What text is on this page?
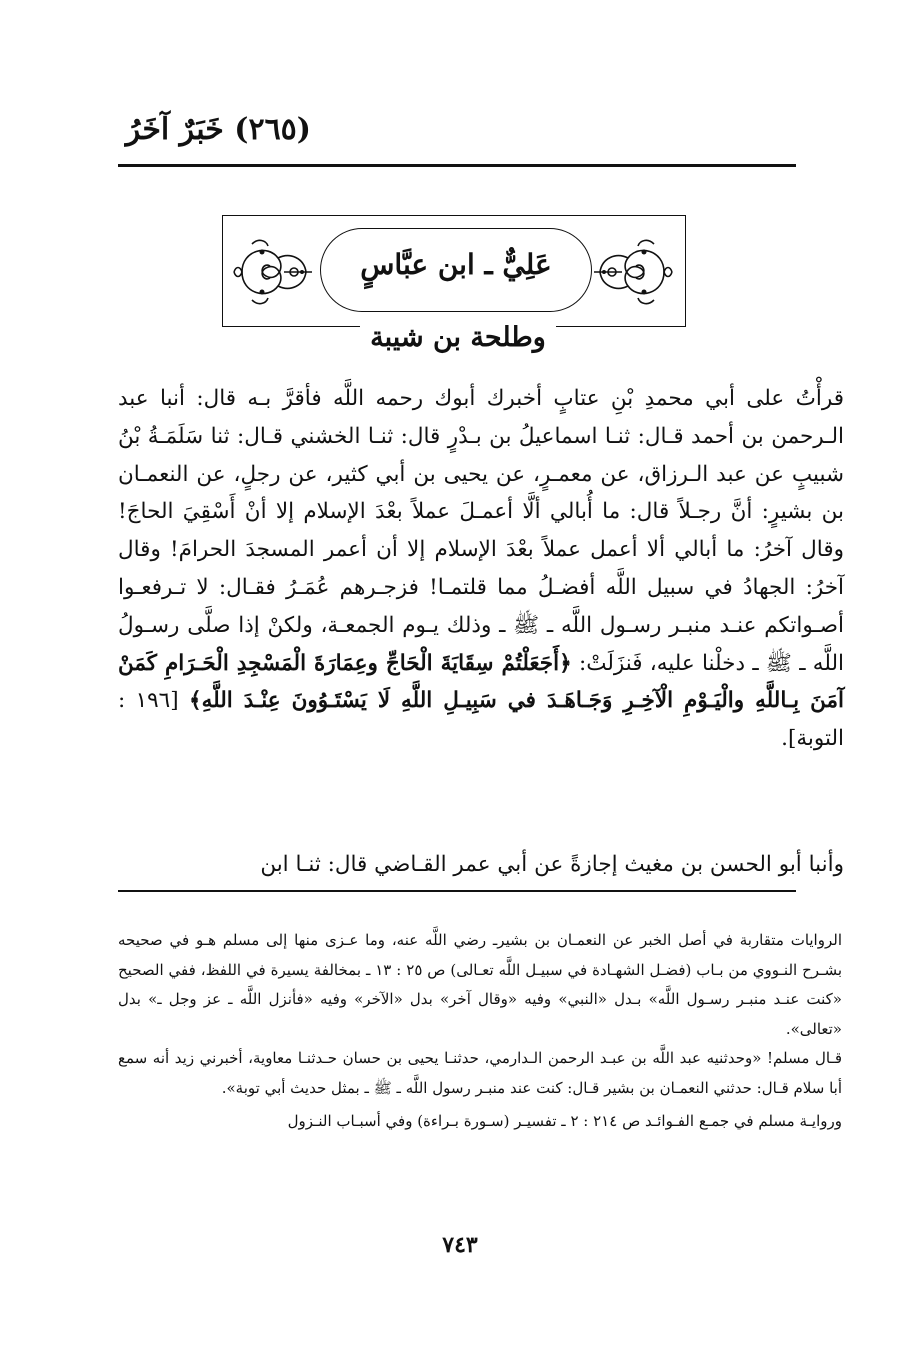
(٢٦٥) خَبَرٌ آخَرُ
عَلِيٌّ ـ ابن عبَّاسٍ
وطلحة بن شيبة

قرأْتُ على أبي محمدِ بْنِ عتابٍ أخبرك أبوك رحمه اللَّه فأقرَّ بـه قال: أنبا عبد الـرحمن بن أحمد قـال: ثنـا اسماعيلُ بن بـدْرٍ قال: ثنـا الخشني قـال: ثنا سَلَمَـةُ بْنُ شبيبٍ عن عبد الـرزاق، عن معمـرٍ، عن يحيى بن أبي كثير، عن رجلٍ، عن النعمـان بن بشيرٍ: أنَّ رجـلاً قال: ما أُبالي ألَّا أعمـلَ عملاً بعْدَ الإسلام إلا أنْ أَسْقِيَ الحاجَ! وقال آخرُ: ما أبالي ألا أعمل عملاً بعْدَ الإسلام إلا أن أعمر المسجدَ الحرامَ! وقال آخرُ: الجهادُ في سبيل اللَّه أفضـلُ مما قلتمـا! فزجـرهم عُمَـرُ فقـال: لا تـرفعـوا أصـواتكم عنـد منبـر رسـول اللَّه ـ ﷺ ـ وذلك يـوم الجمعـة، ولكنْ إذا صلَّى رسـولُ اللَّه ـ ﷺ ـ دخلْنا عليه، فَنزَلَتْ: ﴿أَجَعَلْتُمْ سِقَايَةَ الْحَاجِّ وعِمَارَةَ الْمَسْجِدِ الْحَـرَامِ كَمَنْ آمَنَ بِـاللَّهِ والْيَـوْمِ الْآخِـرِ وَجَـاهَـدَ في سَبِيـلِ اللَّهِ لَا يَسْتَـوُونَ عِنْـدَ اللَّهِ﴾ [١٩٦ : التوبة].

وأنبا أبو الحسن بن مغيث إجازةً عن أبي عمر القـاضي قال: ثنـا ابن

الروايات متقاربة في أصل الخبر عن النعمـان بن بشيرـ رضي اللَّه عنه، وما عـزى منها إلى مسلم هـو في صحيحه بشـرح النـووي من بـاب (فضـل الشهـادة في سبيـل اللَّه تعـالى) ص ٢٥ : ١٣ ـ بمخالفة يسيرة في اللفظ، ففي الصحيح «كنت عنـد منبـر رسـول اللَّه» بـدل «النبي» وفيه «وقال آخر» بدل «الآخر» وفيه «فأنزل اللَّه ـ عز وجل ـ» بدل «تعالى».

قـال مسلم! «وحدثنيه عبد اللَّه بن عبـد الرحمن الـدارمي، حدثنـا يحيى بن حسان حـدثنـا معاوية، أخبرني زيد أنه سمع أبا سلام قـال: حدثني النعمـان بن بشير قـال: كنت عند منبـر رسول اللَّه ـ ﷺ ـ بمثل حديث أبي توبة».

وروايـة مسلم في جمـع الفـوائـد ص ٢١٤ : ٢ ـ تفسيـر (سـورة بـراءة) وفي أسبـاب النـزول

٧٤٣
